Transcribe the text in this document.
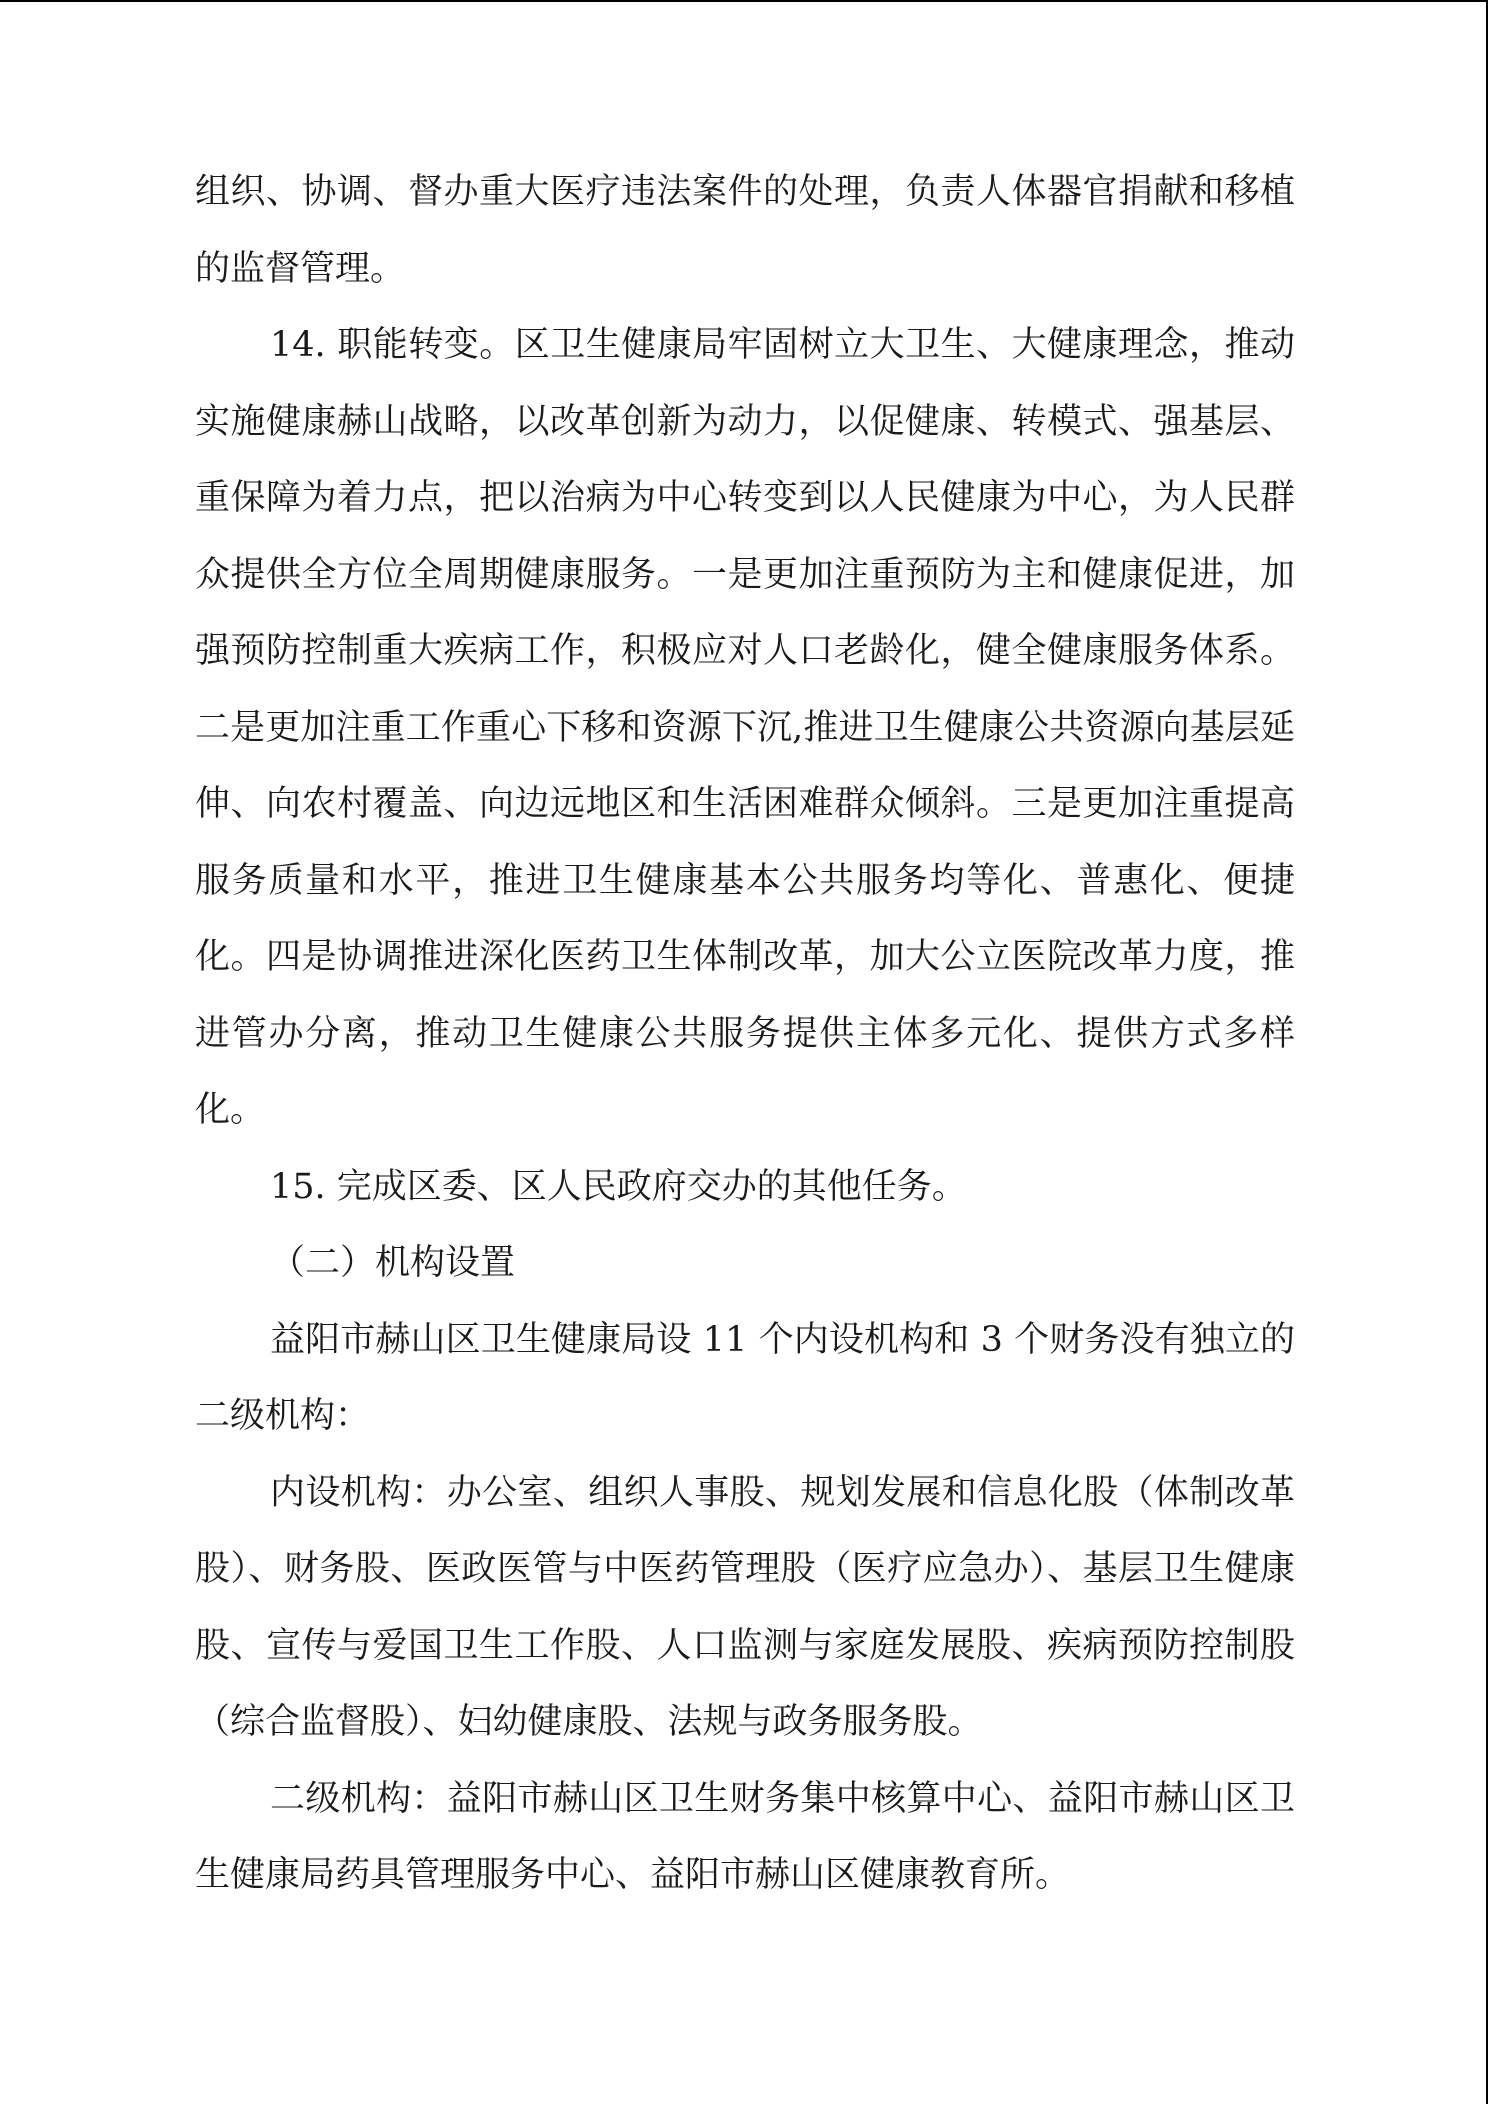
组织、协调、督办重大医疗违法案件的处理，负责人体器官捐献和移植的监督管理。

14. 职能转变。区卫生健康局牢固树立大卫生、大健康理念，推动实施健康赫山战略，以改革创新为动力，以促健康、转模式、强基层、重保障为着力点，把以治病为中心转变到以人民健康为中心，为人民群众提供全方位全周期健康服务。一是更加注重预防为主和健康促进，加强预防控制重大疾病工作，积极应对人口老龄化，健全健康服务体系。二是更加注重工作重心下移和资源下沉,推进卫生健康公共资源向基层延伸、向农村覆盖、向边远地区和生活困难群众倾斜。三是更加注重提高服务质量和水平，推进卫生健康基本公共服务均等化、普惠化、便捷化。四是协调推进深化医药卫生体制改革，加大公立医院改革力度，推进管办分离，推动卫生健康公共服务提供主体多元化、提供方式多样化。

15. 完成区委、区人民政府交办的其他任务。

（二）机构设置

益阳市赫山区卫生健康局设 11 个内设机构和 3 个财务没有独立的二级机构：

内设机构：办公室、组织人事股、规划发展和信息化股（体制改革股）、财务股、医政医管与中医药管理股（医疗应急办）、基层卫生健康股、宣传与爱国卫生工作股、人口监测与家庭发展股、疾病预防控制股（综合监督股）、妇幼健康股、法规与政务服务股。

二级机构：益阳市赫山区卫生财务集中核算中心、益阳市赫山区卫生健康局药具管理服务中心、益阳市赫山区健康教育所。
